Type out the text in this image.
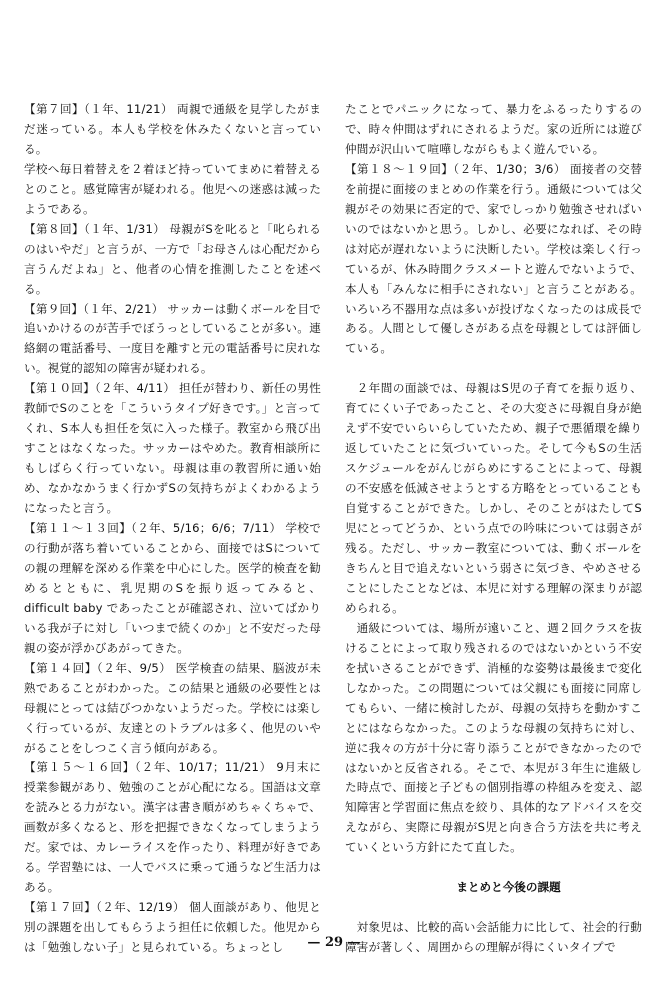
【第７回】（１年、11/21） 両親で通級を見学したがまだ迷っている。本人も学校を休みたくないと言っている。

学校へ毎日着替えを２着ほど持っていてまめに着替えるとのこと。感覚障害が疑われる。他児への迷惑は減ったようである。

【第８回】（１年、1/31） 母親がSを叱ると「叱られるのはいやだ」と言うが、一方で「お母さんは心配だから言うんだよね」と、他者の心情を推測したことを述べる。

【第９回】（１年、2/21） サッカーは動くボールを目で追いかけるのが苦手でぼうっとしていることが多い。連絡網の電話番号、一度目を離すと元の電話番号に戻れない。視覚的認知の障害が疑われる。

【第１０回】（２年、4/11） 担任が替わり、新任の男性教師でSのことを「こういうタイプ好きです。」と言ってくれ、S本人も担任を気に入った様子。教室から飛び出すことはなくなった。サッカーはやめた。教育相談所にもしばらく行っていない。母親は車の教習所に通い始め、なかなかうまく行かずSの気持ちがよくわかるようになったと言う。

【第１１～１３回】（２年、5/16；6/6；7/11） 学校での行動が落ち着いていることから、面接ではSについての親の理解を深める作業を中心にした。医学的検査を勧めるとともに、乳児期のSを振り返ってみると、difficult baby であったことが確認され、泣いてばかりいる我が子に対し「いつまで続くのか」と不安だった母親の姿が浮かびあがってきた。

【第１４回】（２年、9/5） 医学検査の結果、脳波が未熟であることがわかった。この結果と通級の必要性とは母親にとっては結びつかないようだった。学校には楽しく行っているが、友達とのトラブルは多く、他児のいやがることをしつこく言う傾向がある。

【第１５～１６回】（２年、10/17；11/21） 9月末に授業参観があり、勉強のことが心配になる。国語は文章を読みとる力がない。漢字は書き順がめちゃくちゃで、画数が多くなると、形を把握できなくなってしまうようだ。家では、カレーライスを作ったり、料理が好きである。学習塾には、一人でバスに乗って通うなど生活力はある。

【第１７回】（２年、12/19） 個人面談があり、他児と別の課題を出してもらうよう担任に依頼した。他児からは「勉強しない子」と見られている。ちょっとし

たことでパニックになって、暴力をふるったりするので、時々仲間はずれにされるようだ。家の近所には遊び仲間が沢山いて喧嘩しながらもよく遊んでいる。

【第１８～１９回】（２年、1/30；3/6） 面接者の交替を前提に面接のまとめの作業を行う。通級については父親がその効果に否定的で、家でしっかり勉強させればいいのではないかと思う。しかし、必要になれば、その時は対応が遅れないように決断したい。学校は楽しく行っているが、休み時間クラスメートと遊んでないようで、本人も「みんなに相手にされない」と言うことがある。いろいろ不器用な点は多いが投げなくなったのは成長である。人間として優しさがある点を母親としては評価している。

２年間の面談では、母親はS児の子育てを振り返り、育てにくい子であったこと、その大変さに母親自身が絶えず不安でいらいらしていたため、親子で悪循環を繰り返していたことに気づいていった。そして今もSの生活スケジュールをがんじがらめにすることによって、母親の不安感を低減させようとする方略をとっていることも自覚することができた。しかし、そのことがはたしてS児にとってどうか、という点での吟味については弱さが残る。ただし、サッカー教室については、動くボールをきちんと目で追えないという弱さに気づき、やめさせることにしたことなどは、本児に対する理解の深まりが認められる。

通級については、場所が遠いこと、週２回クラスを抜けることによって取り残されるのではないかという不安を拭いさることができず、消極的な姿勢は最後まで変化しなかった。この問題については父親にも面接に同席してもらい、一緒に検討したが、母親の気持ちを動かすことにはならなかった。このような母親の気持ちに対し、逆に我々の方が十分に寄り添うことができなかったのではないかと反省される。そこで、本児が３年生に進級した時点で、面接と子どもの個別指導の枠組みを変え、認知障害と学習面に焦点を絞り、具体的なアドバイスを交えながら、実際に母親がS児と向き合う方法を共に考えていくという方針にたて直した。

まとめと今後の課題

対象児は、比較的高い会話能力に比して、社会的行動障害が著しく、周囲からの理解が得にくいタイプで

— 29 —
